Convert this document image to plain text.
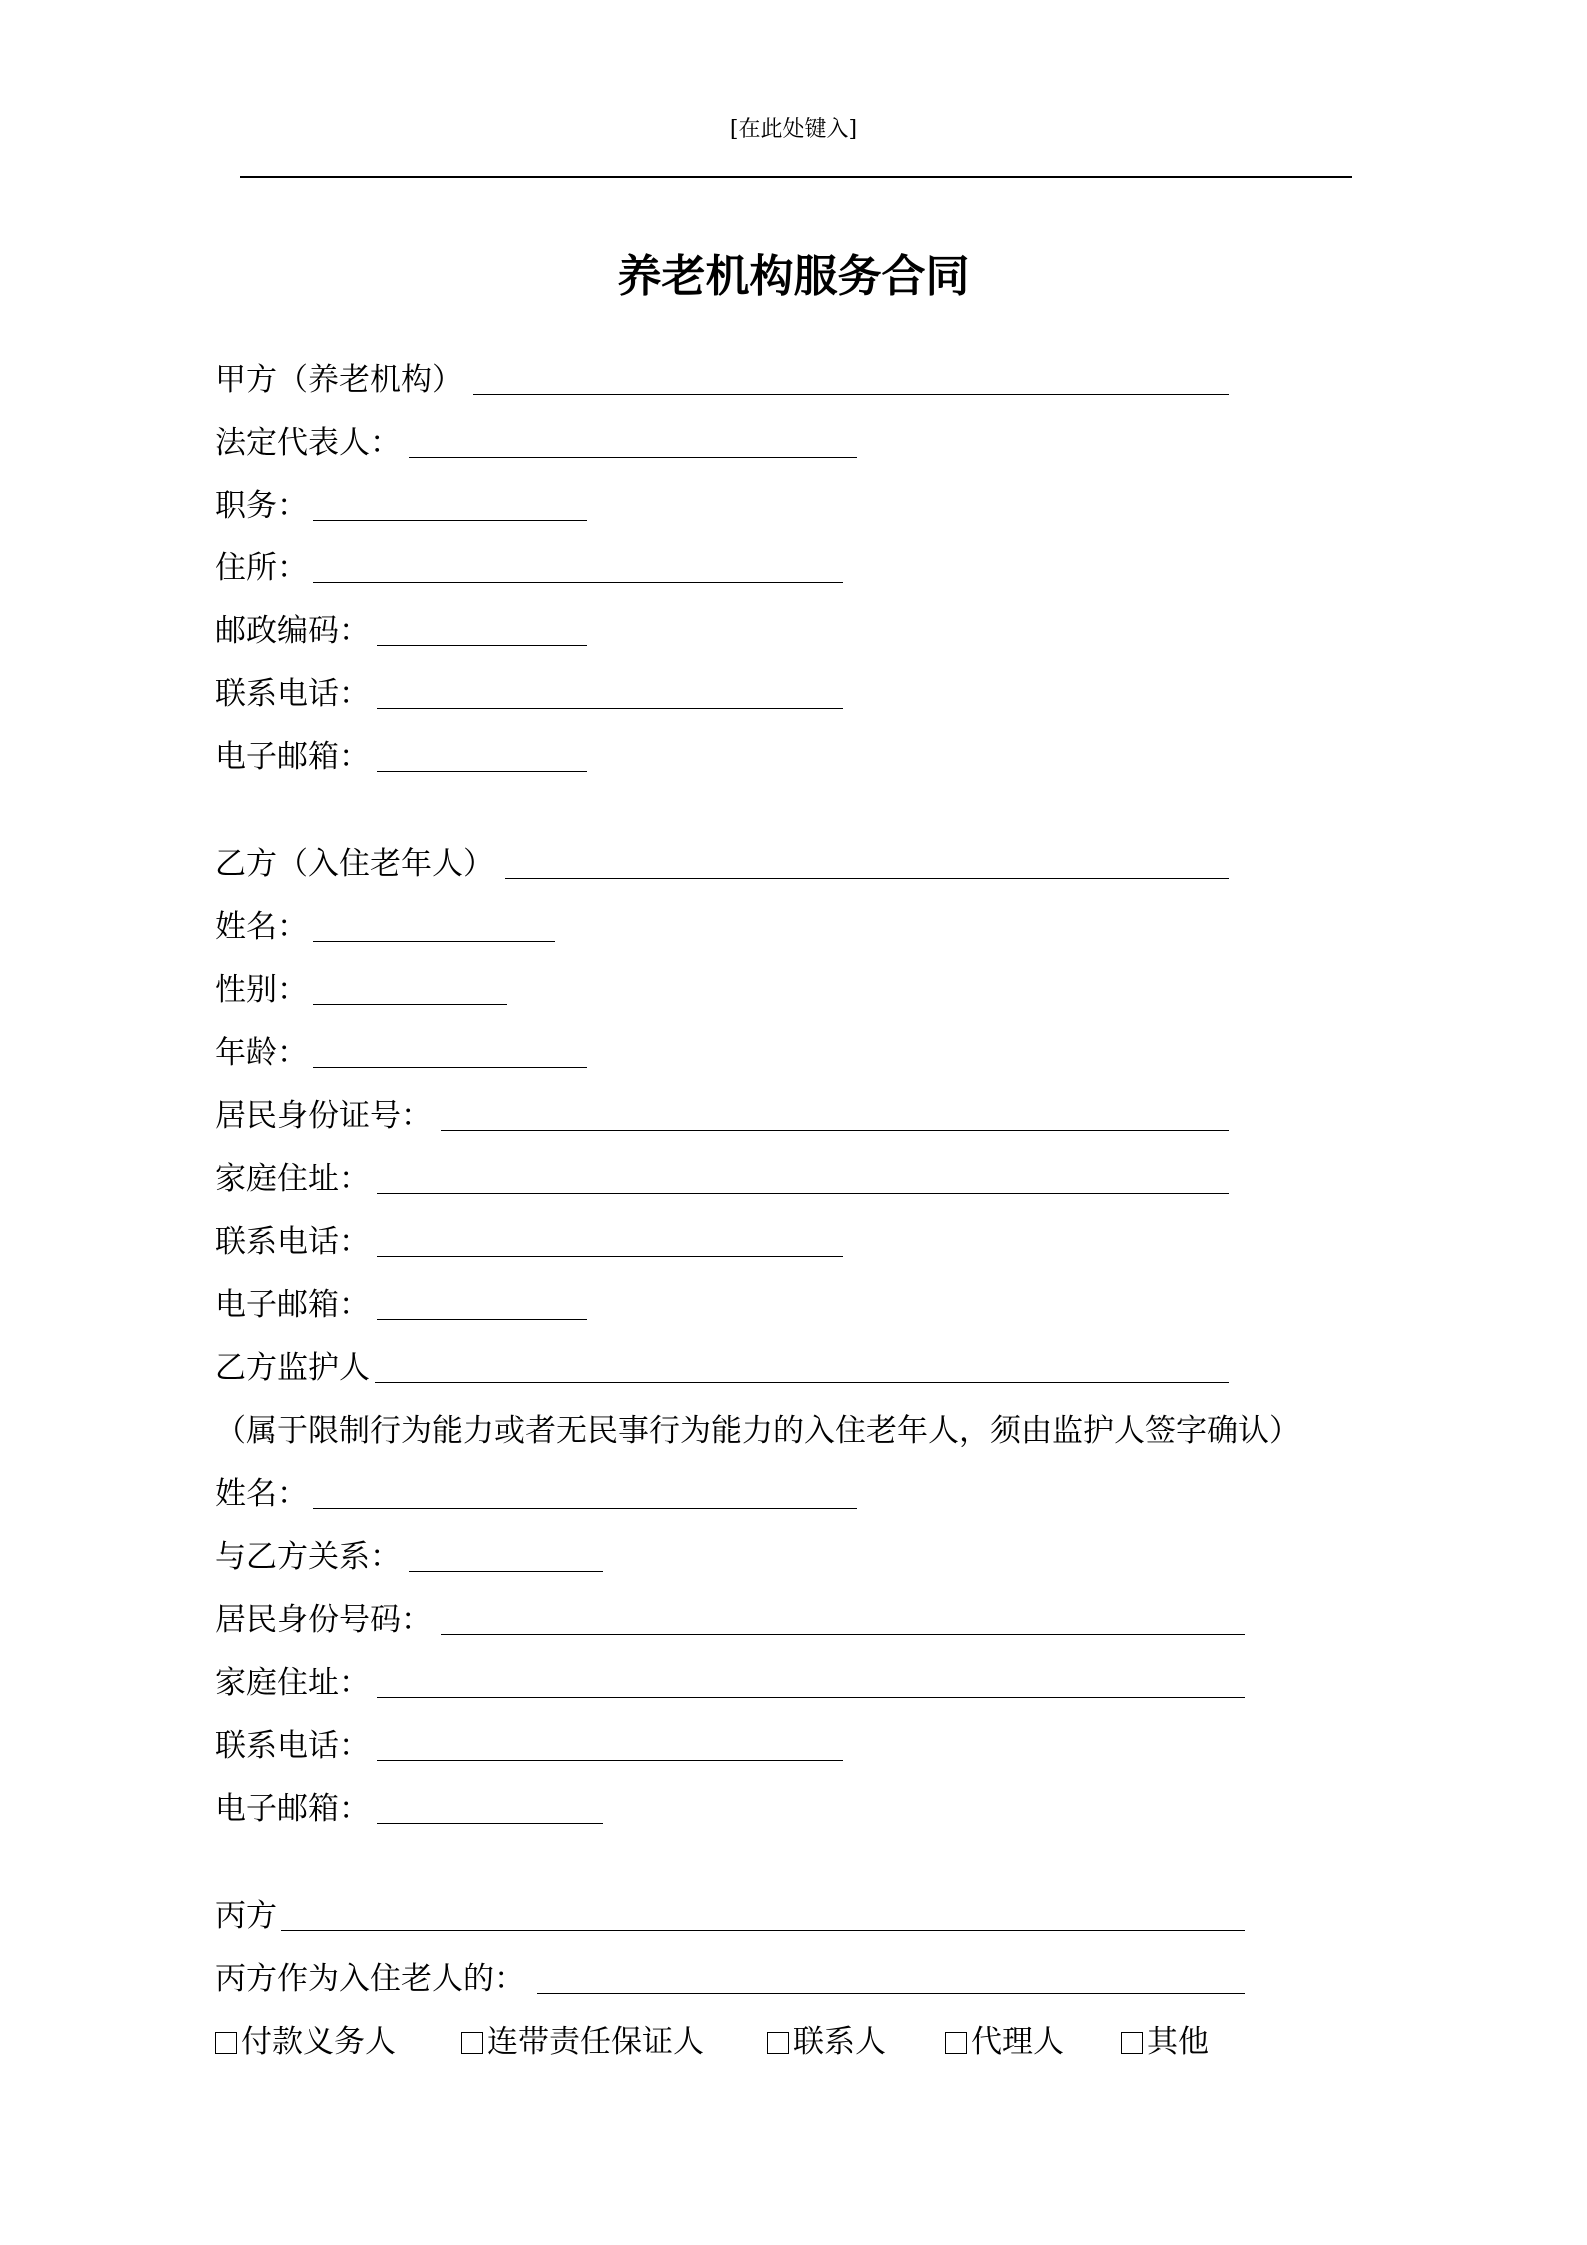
[在此处键入]
养老机构服务合同
甲方（养老机构）
法定代表人：
职务：
住所：
邮政编码：
联系电话：
电子邮箱：
乙方（入住老年人）
姓名：
性别：
年龄：
居民身份证号：
家庭住址：
联系电话：
电子邮箱：
乙方监护人
（属于限制行为能力或者无民事行为能力的入住老年人，须由监护人签字确认）
姓名：
与乙方关系：
居民身份号码：
家庭住址：
联系电话：
电子邮箱：
丙方
丙方作为入住老人的：
付款义务人	连带责任保证人	联系人	代理人	其他
